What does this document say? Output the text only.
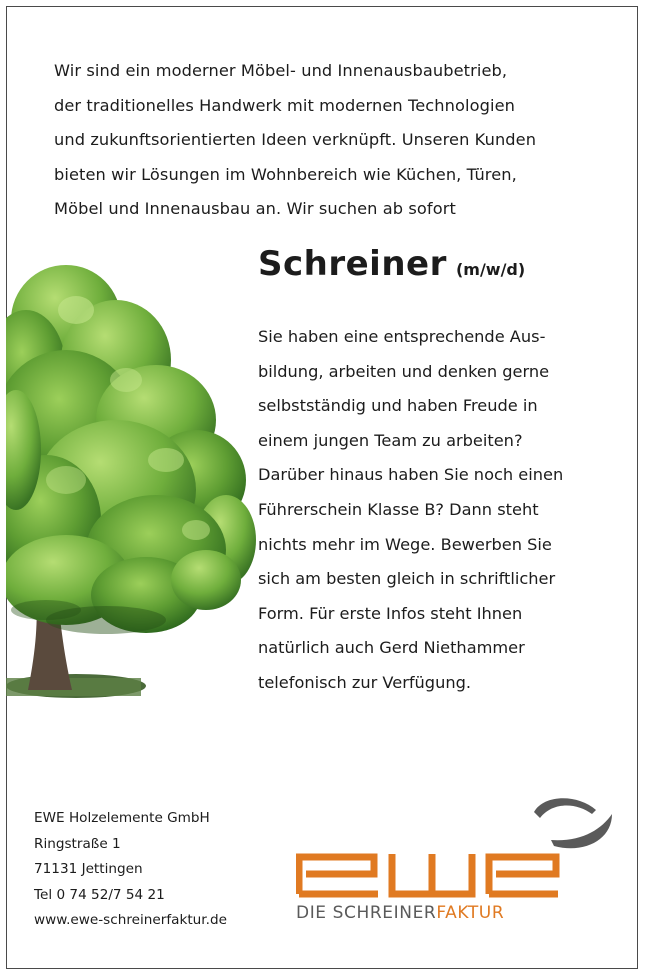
Wir sind ein moderner Möbel- und Innenausbaubetrieb,
der traditionelles Handwerk mit modernen Technologien
und zukunftsorientierten Ideen verknüpft. Unseren Kunden
bieten wir Lösungen im Wohnbereich wie Küchen, Türen,
Möbel und Innenausbau an. Wir suchen ab sofort
Schreiner (m/w/d)
Sie haben eine entsprechende Aus-
bildung, arbeiten und denken gerne
selbstständig und haben Freude in
einem jungen Team zu arbeiten?
Darüber hinaus haben Sie noch einen
Führerschein Klasse B? Dann steht
nichts mehr im Wege. Bewerben Sie
sich am besten gleich in schriftlicher
Form. Für erste Infos steht Ihnen
natürlich auch Gerd Niethammer
telefonisch zur Verfügung.
EWE Holzelemente GmbH
Ringstraße 1
71131 Jettingen
Tel 0 74 52/7 54 21
www.ewe-schreinerfaktur.de	DIE SCHREINERFAKTUR
